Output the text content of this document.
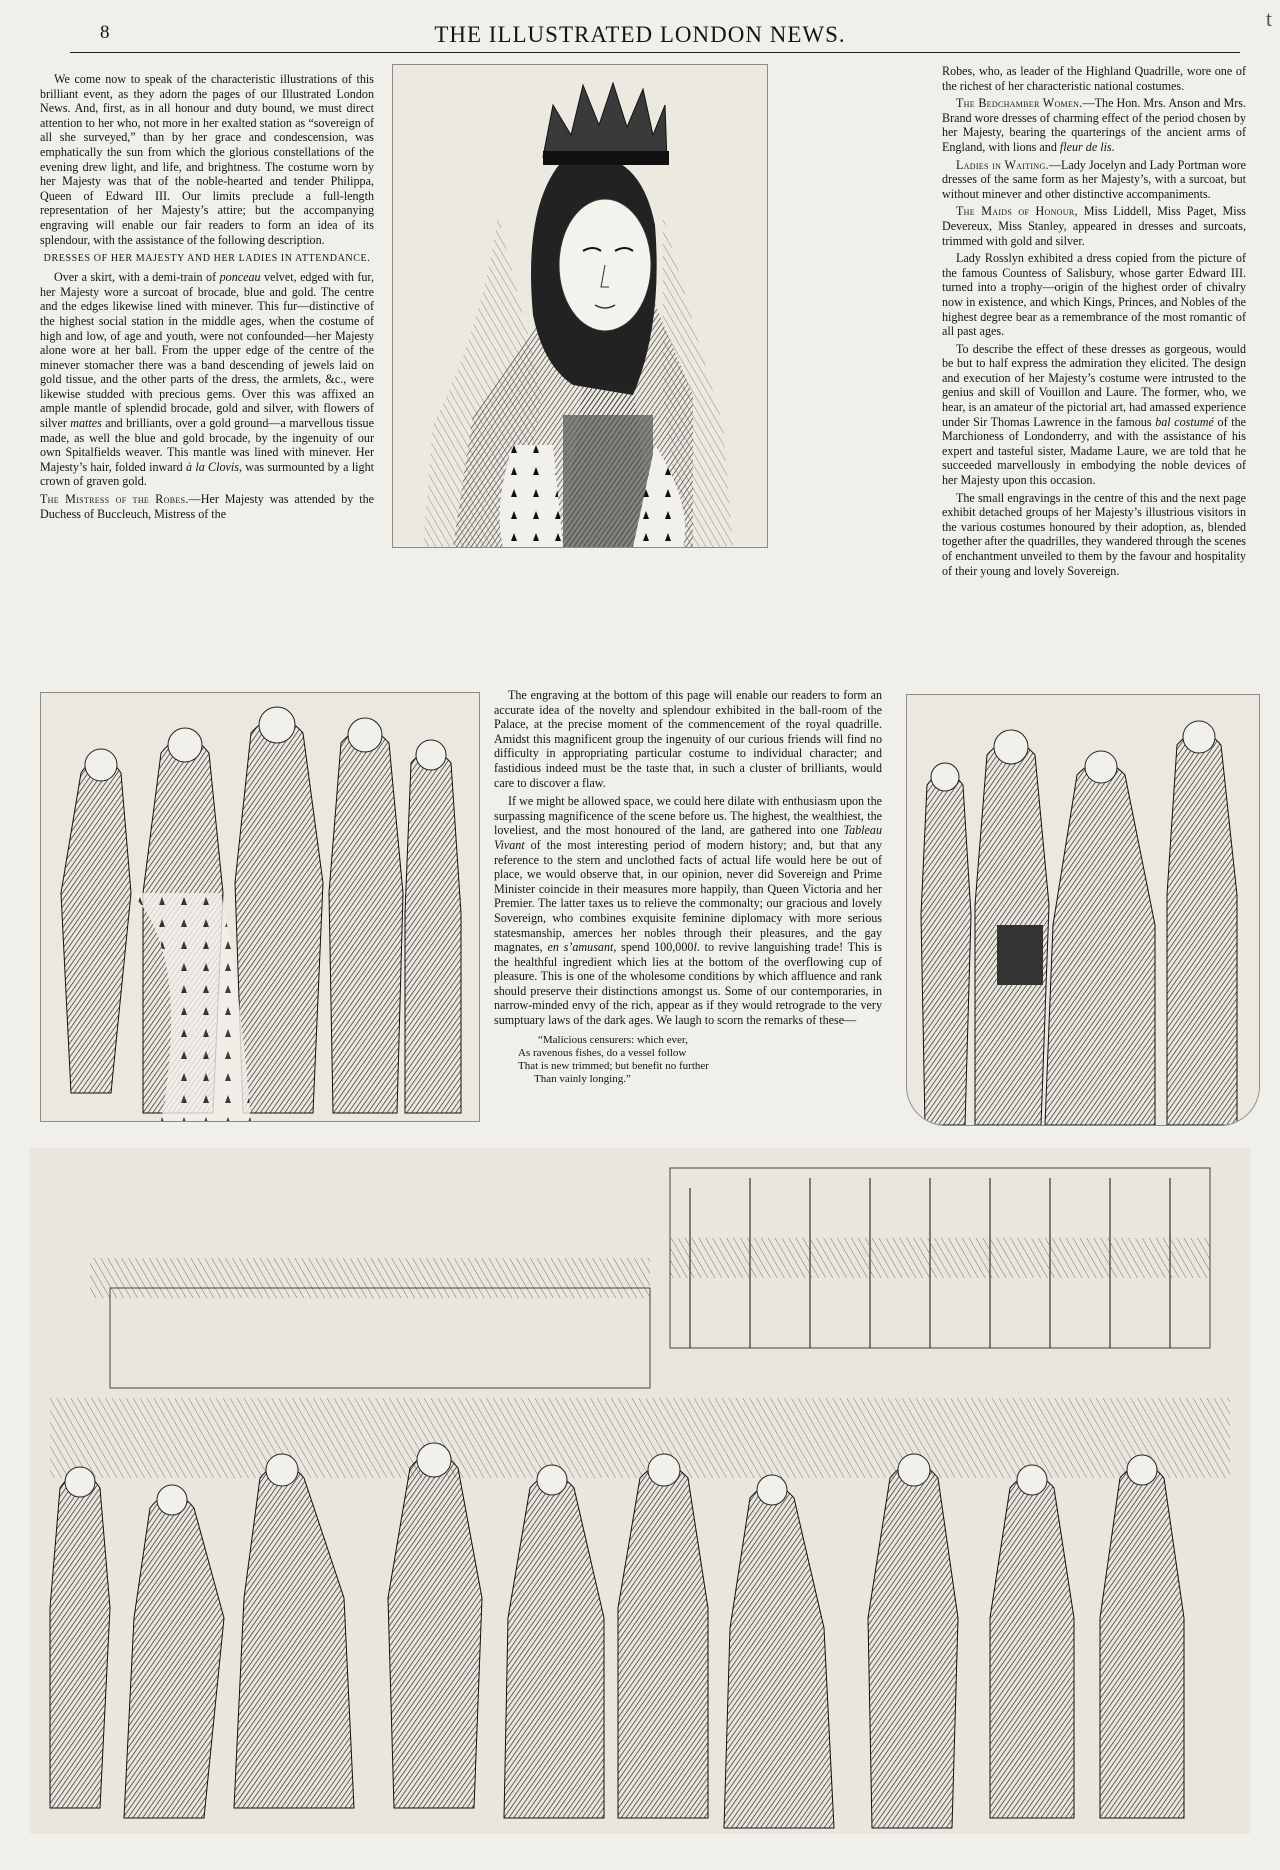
8	THE ILLUSTRATED LONDON NEWS.
t

We come now to speak of the characteristic illustrations of this brilliant event, as they adorn the pages of our Illustrated London News. And, first, as in all honour and duty bound, we must direct attention to her who, not more in her exalted station as “sovereign of all she surveyed,” than by her grace and condescension, was emphatically the sun from which the glorious constellations of the evening drew light, and life, and brightness. The costume worn by her Majesty was that of the noble-hearted and tender Philippa, Queen of Edward III. Our limits preclude a full-length representation of her Majesty’s attire; but the accompanying engraving will enable our fair readers to form an idea of its splendour, with the assistance of the following description.

DRESSES OF HER MAJESTY AND HER LADIES IN ATTENDANCE.

Over a skirt, with a demi-train of ponceau velvet, edged with fur, her Majesty wore a surcoat of brocade, blue and gold. The centre and the edges likewise lined with minever. This fur—distinctive of the highest social station in the middle ages, when the costume of high and low, of age and youth, were not confounded—her Majesty alone wore at her ball. From the upper edge of the centre of the minever stomacher there was a band descending of jewels laid on gold tissue, and the other parts of the dress, the armlets, &c., were likewise studded with precious gems. Over this was affixed an ample mantle of splendid brocade, gold and silver, with flowers of silver mattes and brilliants, over a gold ground—a marvellous tissue made, as well the blue and gold brocade, by the ingenuity of our own Spitalfields weaver. This mantle was lined with minever. Her Majesty’s hair, folded inward à la Clovis, was surmounted by a light crown of graven gold.

The Mistress of the Robes.—Her Majesty was attended by the Duchess of Buccleuch, Mistress of the

Robes, who, as leader of the Highland Quadrille, wore one of the richest of her characteristic national costumes.

The Bedchamber Women.—The Hon. Mrs. Anson and Mrs. Brand wore dresses of charming effect of the period chosen by her Majesty, bearing the quarterings of the ancient arms of England, with lions and fleur de lis.

Ladies in Waiting.—Lady Jocelyn and Lady Portman wore dresses of the same form as her Majesty’s, with a surcoat, but without minever and other distinctive accompaniments.

The Maids of Honour, Miss Liddell, Miss Paget, Miss Devereux, Miss Stanley, appeared in dresses and surcoats, trimmed with gold and silver.

Lady Rosslyn exhibited a dress copied from the picture of the famous Countess of Salisbury, whose garter Edward III. turned into a trophy—origin of the highest order of chivalry now in existence, and which Kings, Princes, and Nobles of the highest degree bear as a remembrance of the most romantic of all past ages.

To describe the effect of these dresses as gorgeous, would be but to half express the admiration they elicited. The design and execution of her Majesty’s costume were intrusted to the genius and skill of Vouillon and Laure. The former, who, we hear, is an amateur of the pictorial art, had amassed experience under Sir Thomas Lawrence in the famous bal costumé of the Marchioness of Londonderry, and with the assistance of his expert and tasteful sister, Madame Laure, we are told that he succeeded marvellously in embodying the noble devices of her Majesty upon this occasion.

The small engravings in the centre of this and the next page exhibit detached groups of her Majesty’s illustrious visitors in the various costumes honoured by their adoption, as, blended together after the quadrilles, they wandered through the scenes of enchantment unveiled to them by the favour and hospitality of their young and lovely Sovereign.

The engraving at the bottom of this page will enable our readers to form an accurate idea of the novelty and splendour exhibited in the ball-room of the Palace, at the precise moment of the commencement of the royal quadrille. Amidst this magnificent group the ingenuity of our curious friends will find no difficulty in appropriating particular costume to individual character; and fastidious indeed must be the taste that, in such a cluster of brilliants, would care to discover a flaw.

If we might be allowed space, we could here dilate with enthusiasm upon the surpassing magnificence of the scene before us. The highest, the wealthiest, the loveliest, and the most honoured of the land, are gathered into one Tableau Vivant of the most interesting period of modern history; and, but that any reference to the stern and unclothed facts of actual life would here be out of place, we would observe that, in our opinion, never did Sovereign and Prime Minister coincide in their measures more happily, than Queen Victoria and her Premier. The latter taxes us to relieve the commonalty; our gracious and lovely Sovereign, who combines exquisite feminine diplomacy with more serious statesmanship, amerces her nobles through their pleasures, and the gay magnates, en s’amusant, spend 100,000l. to revive languishing trade! This is the healthful ingredient which lies at the bottom of the overflowing cup of pleasure. This is one of the wholesome conditions by which affluence and rank should preserve their distinctions amongst us. Some of our contemporaries, in narrow-minded envy of the rich, appear as if they would retrograde to the very sumptuary laws of the dark ages. We laugh to scorn the remarks of these—

“Malicious censurers: which ever,
As ravenous fishes, do a vessel follow
That is new trimmed; but benefit no further
Than vainly longing.”
